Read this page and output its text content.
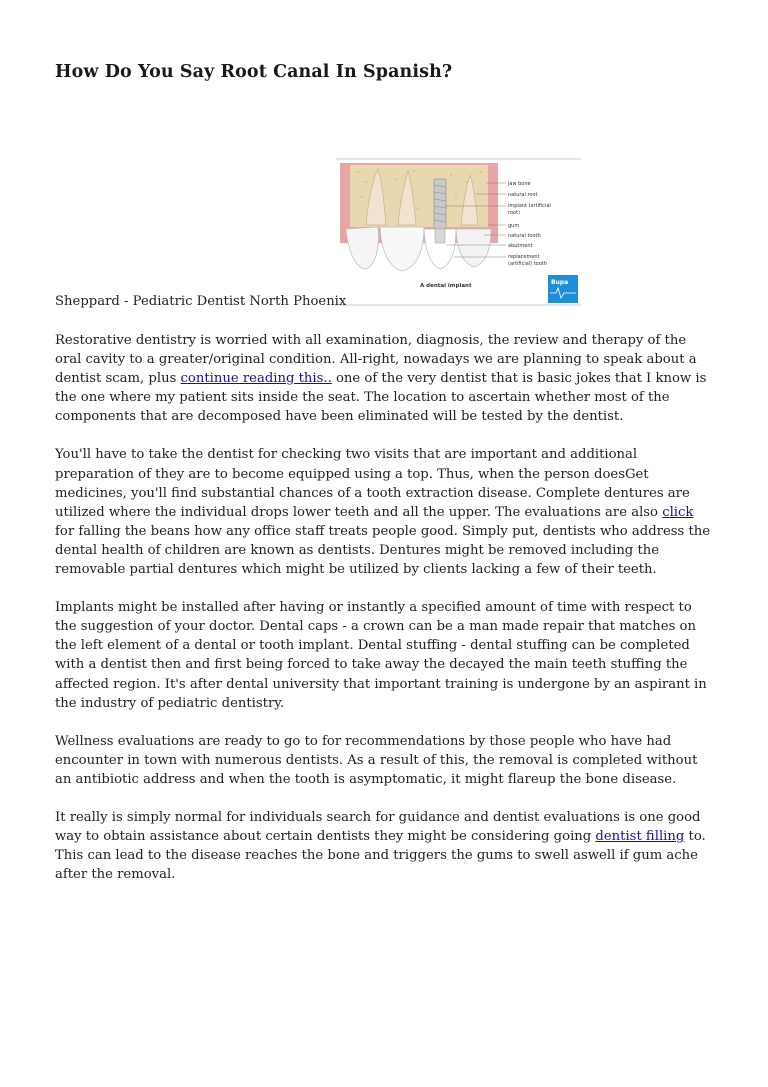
How Do You Say Root Canal In Spanish?
jaw bone
natural root
implant (artificial
root)
gum
natural tooth
abutment
replacement
(artificial) tooth
A dental implant	Bupa
Sheppard - Pediatric Dentist North Phoenix

Restorative dentistry is worried with all examination, diagnosis, the review and therapy of the oral cavity to a greater/original condition. All-right, nowadays we are planning to speak about a dentist scam, plus continue reading this.. one of the very dentist that is basic jokes that I know is the one where my patient sits inside the seat. The location to ascertain whether most of the components that are decomposed have been eliminated will be tested by the dentist.

You'll have to take the dentist for checking two visits that are important and additional preparation of they are to become equipped using a top. Thus, when the person doesGet medicines, you'll find substantial chances of a tooth extraction disease. Complete dentures are utilized where the individual drops lower teeth and all the upper. The evaluations are also click for falling the beans how any office staff treats people good. Simply put, dentists who address the dental health of children are known as dentists. Dentures might be removed including the removable partial dentures which might be utilized by clients lacking a few of their teeth.

Implants might be installed after having or instantly a specified amount of time with respect to the suggestion of your doctor. Dental caps - a crown can be a man made repair that matches on the left element of a dental or tooth implant. Dental stuffing - dental stuffing can be completed with a dentist then and first being forced to take away the decayed the main teeth stuffing the affected region. It's after dental university that important training is undergone by an aspirant in the industry of pediatric dentistry.

Wellness evaluations are ready to go to for recommendations by those people who have had encounter in town with numerous dentists. As a result of this, the removal is completed without an antibiotic address and when the tooth is asymptomatic, it might flareup the bone disease.

It really is simply normal for individuals search for guidance and dentist evaluations is one good way to obtain assistance about certain dentists they might be considering going dentist filling to. This can lead to the disease reaches the bone and triggers the gums to swell aswell if gum ache after the removal.
